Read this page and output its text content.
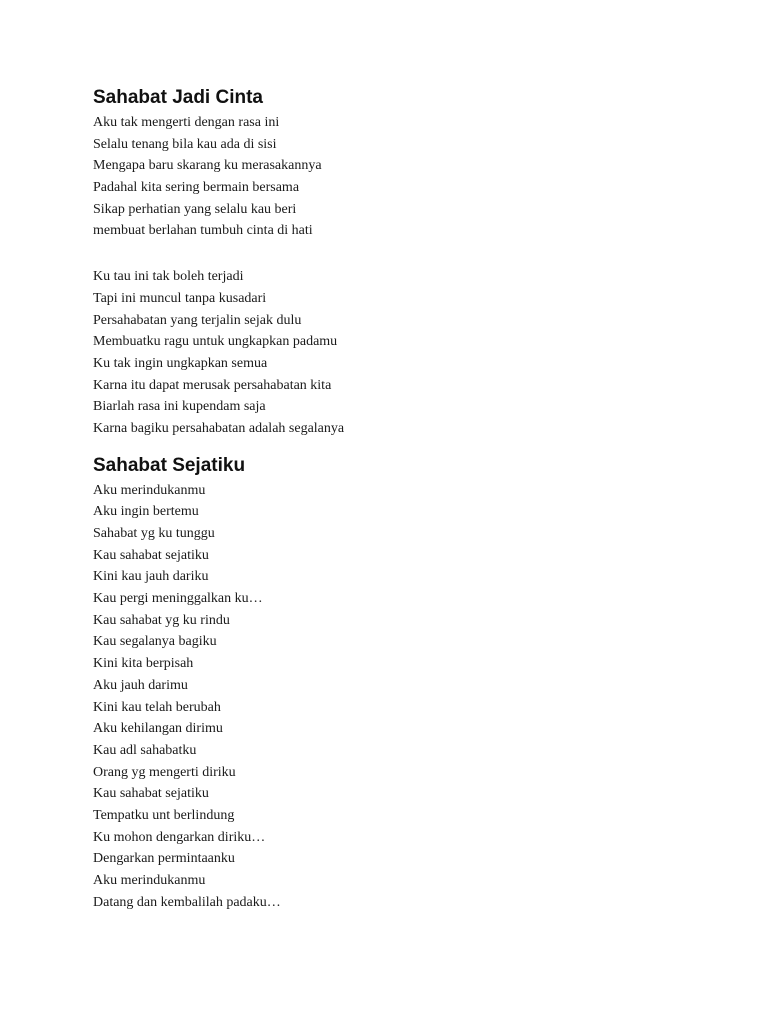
Sahabat Jadi Cinta
Aku tak mengerti dengan rasa ini
Selalu tenang bila kau ada di sisi
Mengapa baru skarang ku merasakannya
Padahal kita sering bermain bersama
Sikap perhatian yang selalu kau beri
membuat berlahan tumbuh cinta di hati
Ku tau ini tak boleh terjadi
Tapi ini muncul tanpa kusadari
Persahabatan yang terjalin sejak dulu
Membuatku ragu untuk ungkapkan padamu
Ku tak ingin ungkapkan semua
Karna itu dapat merusak persahabatan kita
Biarlah rasa ini kupendam saja
Karna bagiku persahabatan adalah segalanya
Sahabat Sejatiku
Aku merindukanmu
Aku ingin bertemu
Sahabat yg ku tunggu
Kau sahabat sejatiku
Kini kau jauh dariku
Kau pergi meninggalkan ku…
Kau sahabat yg ku rindu
Kau segalanya bagiku
Kini kita berpisah
Aku jauh darimu
Kini kau telah berubah
Aku kehilangan dirimu
Kau adl sahabatku
Orang yg mengerti diriku
Kau sahabat sejatiku
Tempatku unt berlindung
Ku mohon dengarkan diriku…
Dengarkan permintaanku
Aku merindukanmu
Datang dan kembalilah padaku…
